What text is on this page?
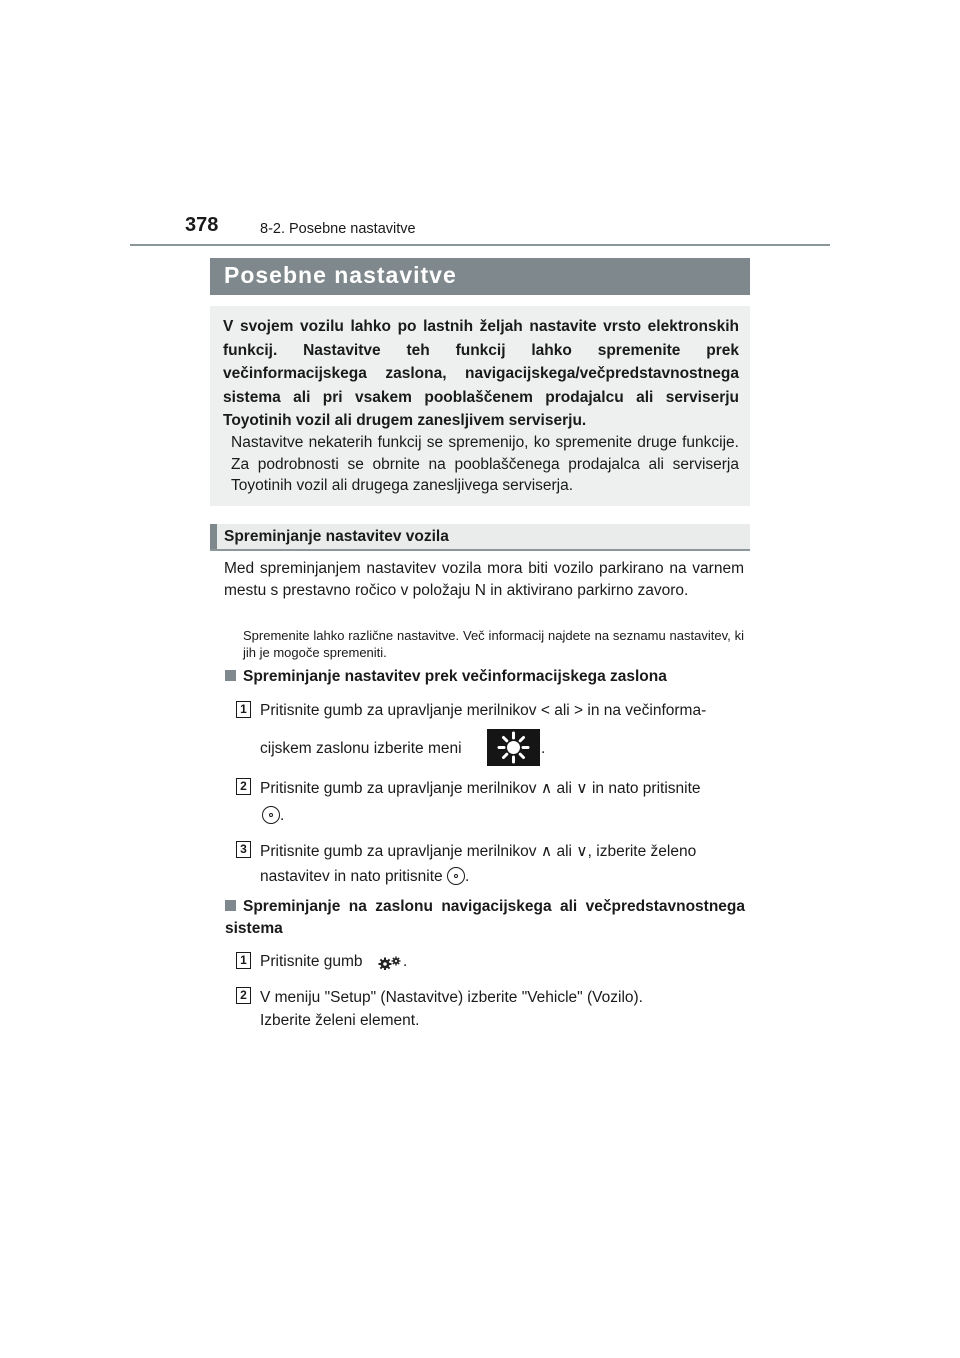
378	8-2. Posebne nastavitve
Posebne nastavitve
V svojem vozilu lahko po lastnih željah nastavite vrsto elektronskih funkcij. Nastavitve teh funkcij lahko spremenite prek večinformacijskega zaslona, navigacijskega/večpredstavnostnega sistema ali pri vsakem pooblaščenem prodajalcu ali serviserju Toyotinih vozil ali drugem zanesljivem serviserju.
Nastavitve nekaterih funkcij se spremenijo, ko spremenite druge funkcije. Za podrobnosti se obrnite na pooblaščenega prodajalca ali serviserja Toyotinih vozil ali drugega zanesljivega serviserja.
Spreminjanje nastavitev vozila
Med spreminjanjem nastavitev vozila mora biti vozilo parkirano na varnem mestu s prestavno ročico v položaju N in aktivirano parkirno zavoro.
Spremenite lahko različne nastavitve. Več informacij najdete na seznamu nastavitev, ki jih je mogoče spremeniti.
Spreminjanje nastavitev prek večinformacijskega zaslona
1 Pritisnite gumb za upravljanje merilnikov < ali > in na večinforma-
cijskem zaslonu izberite meni	.
2 Pritisnite gumb za upravljanje merilnikov ∧ ali ∨ in nato pritisnite
.
3 Pritisnite gumb za upravljanje merilnikov ∧ ali ∨, izberite želeno
nastavitev in nato pritisnite .
Spreminjanje na zaslonu navigacijskega ali večpredstavnostnega sistema
1 Pritisnite gumb	.
2 V meniju "Setup" (Nastavitve) izberite "Vehicle" (Vozilo).
Izberite želeni element.
